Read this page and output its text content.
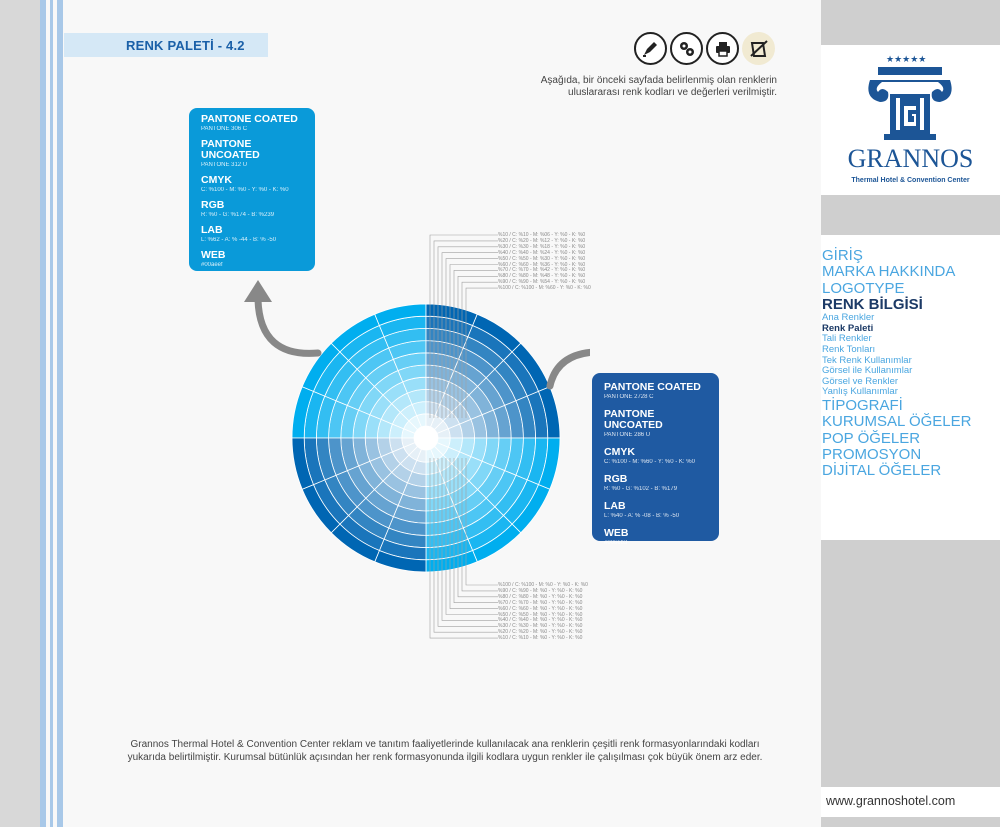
RENK PALETİ - 4.2
Aşağıda, bir önceki sayfada belirlenmiş olan renklerin uluslararası renk kodları ve değerleri verilmiştir.
PANTONE COATED
PANTONE 306 C
PANTONE UNCOATED
PANTONE 312 U
CMYK
C: %100 - M: %0 - Y: %0 - K: %0
RGB
R: %0 - G: %174 - B: %239
LAB
L: %62 - A: % -44 - B: % -50
WEB
#00aeef
PANTONE COATED
PANTONE 2728 C
PANTONE UNCOATED
PANTONE 286 U
CMYK
C: %100 - M: %60 - Y: %0 - K: %0
RGB
R: %0 - G: %102 - B: %179
LAB
L: %40 - A: % -08 - B: % -50
WEB
#0066b3
%10 / C: %10 - M: %06 - Y: %0 - K: %0
%20 / C: %20 - M: %12 - Y: %0 - K: %0
%30 / C: %30 - M: %18 - Y: %0 - K: %0
%40 / C: %40 - M: %24 - Y: %0 - K: %0
%50 / C: %50 - M: %30 - Y: %0 - K: %0
%60 / C: %60 - M: %36 - Y: %0 - K: %0
%70 / C: %70 - M: %42 - Y: %0 - K: %0
%80 / C: %80 - M: %48 - Y: %0 - K: %0
%90 / C: %90 - M: %54 - Y: %0 - K: %0
%100 / C: %100 - M: %60 - Y: %0 - K: %0
%100 / C: %100 - M: %0 - Y: %0 - K: %0
%90 / C: %90 - M: %0 - Y: %0 - K: %0
%80 / C: %80 - M: %0 - Y: %0 - K: %0
%70 / C: %70 - M: %0 - Y: %0 - K: %0
%60 / C: %60 - M: %0 - Y: %0 - K: %0
%50 / C: %50 - M: %0 - Y: %0 - K: %0
%40 / C: %40 - M: %0 - Y: %0 - K: %0
%30 / C: %30 - M: %0 - Y: %0 - K: %0
%20 / C: %20 - M: %0 - Y: %0 - K: %0
%10 / C: %10 - M: %0 - Y: %0 - K: %0
Grannos Thermal Hotel & Convention Center reklam ve tanıtım faaliyetlerinde kullanılacak ana renklerin çeşitli renk formasyonlarındaki kodları yukarıda belirtilmiştir. Kurumsal bütünlük açısından her renk formasyonunda ilgili kodlara uygun renkler ile çalışılması çok büyük önem arz eder.
★★★★★
GRANNOS
Thermal Hotel & Convention Center
GİRİŞ
MARKA HAKKINDA
LOGOTYPE
RENK BİLGİSİ
Ana Renkler
Renk Paleti
Tali Renkler
Renk Tonları
Tek Renk Kullanımlar
Görsel ile Kullanımlar
Görsel ve Renkler
Yanlış Kullanımlar
TİPOGRAFİ
KURUMSAL ÖĞELER
POP ÖĞELER
PROMOSYON
DİJİTAL ÖĞELER
www.grannoshotel.com
